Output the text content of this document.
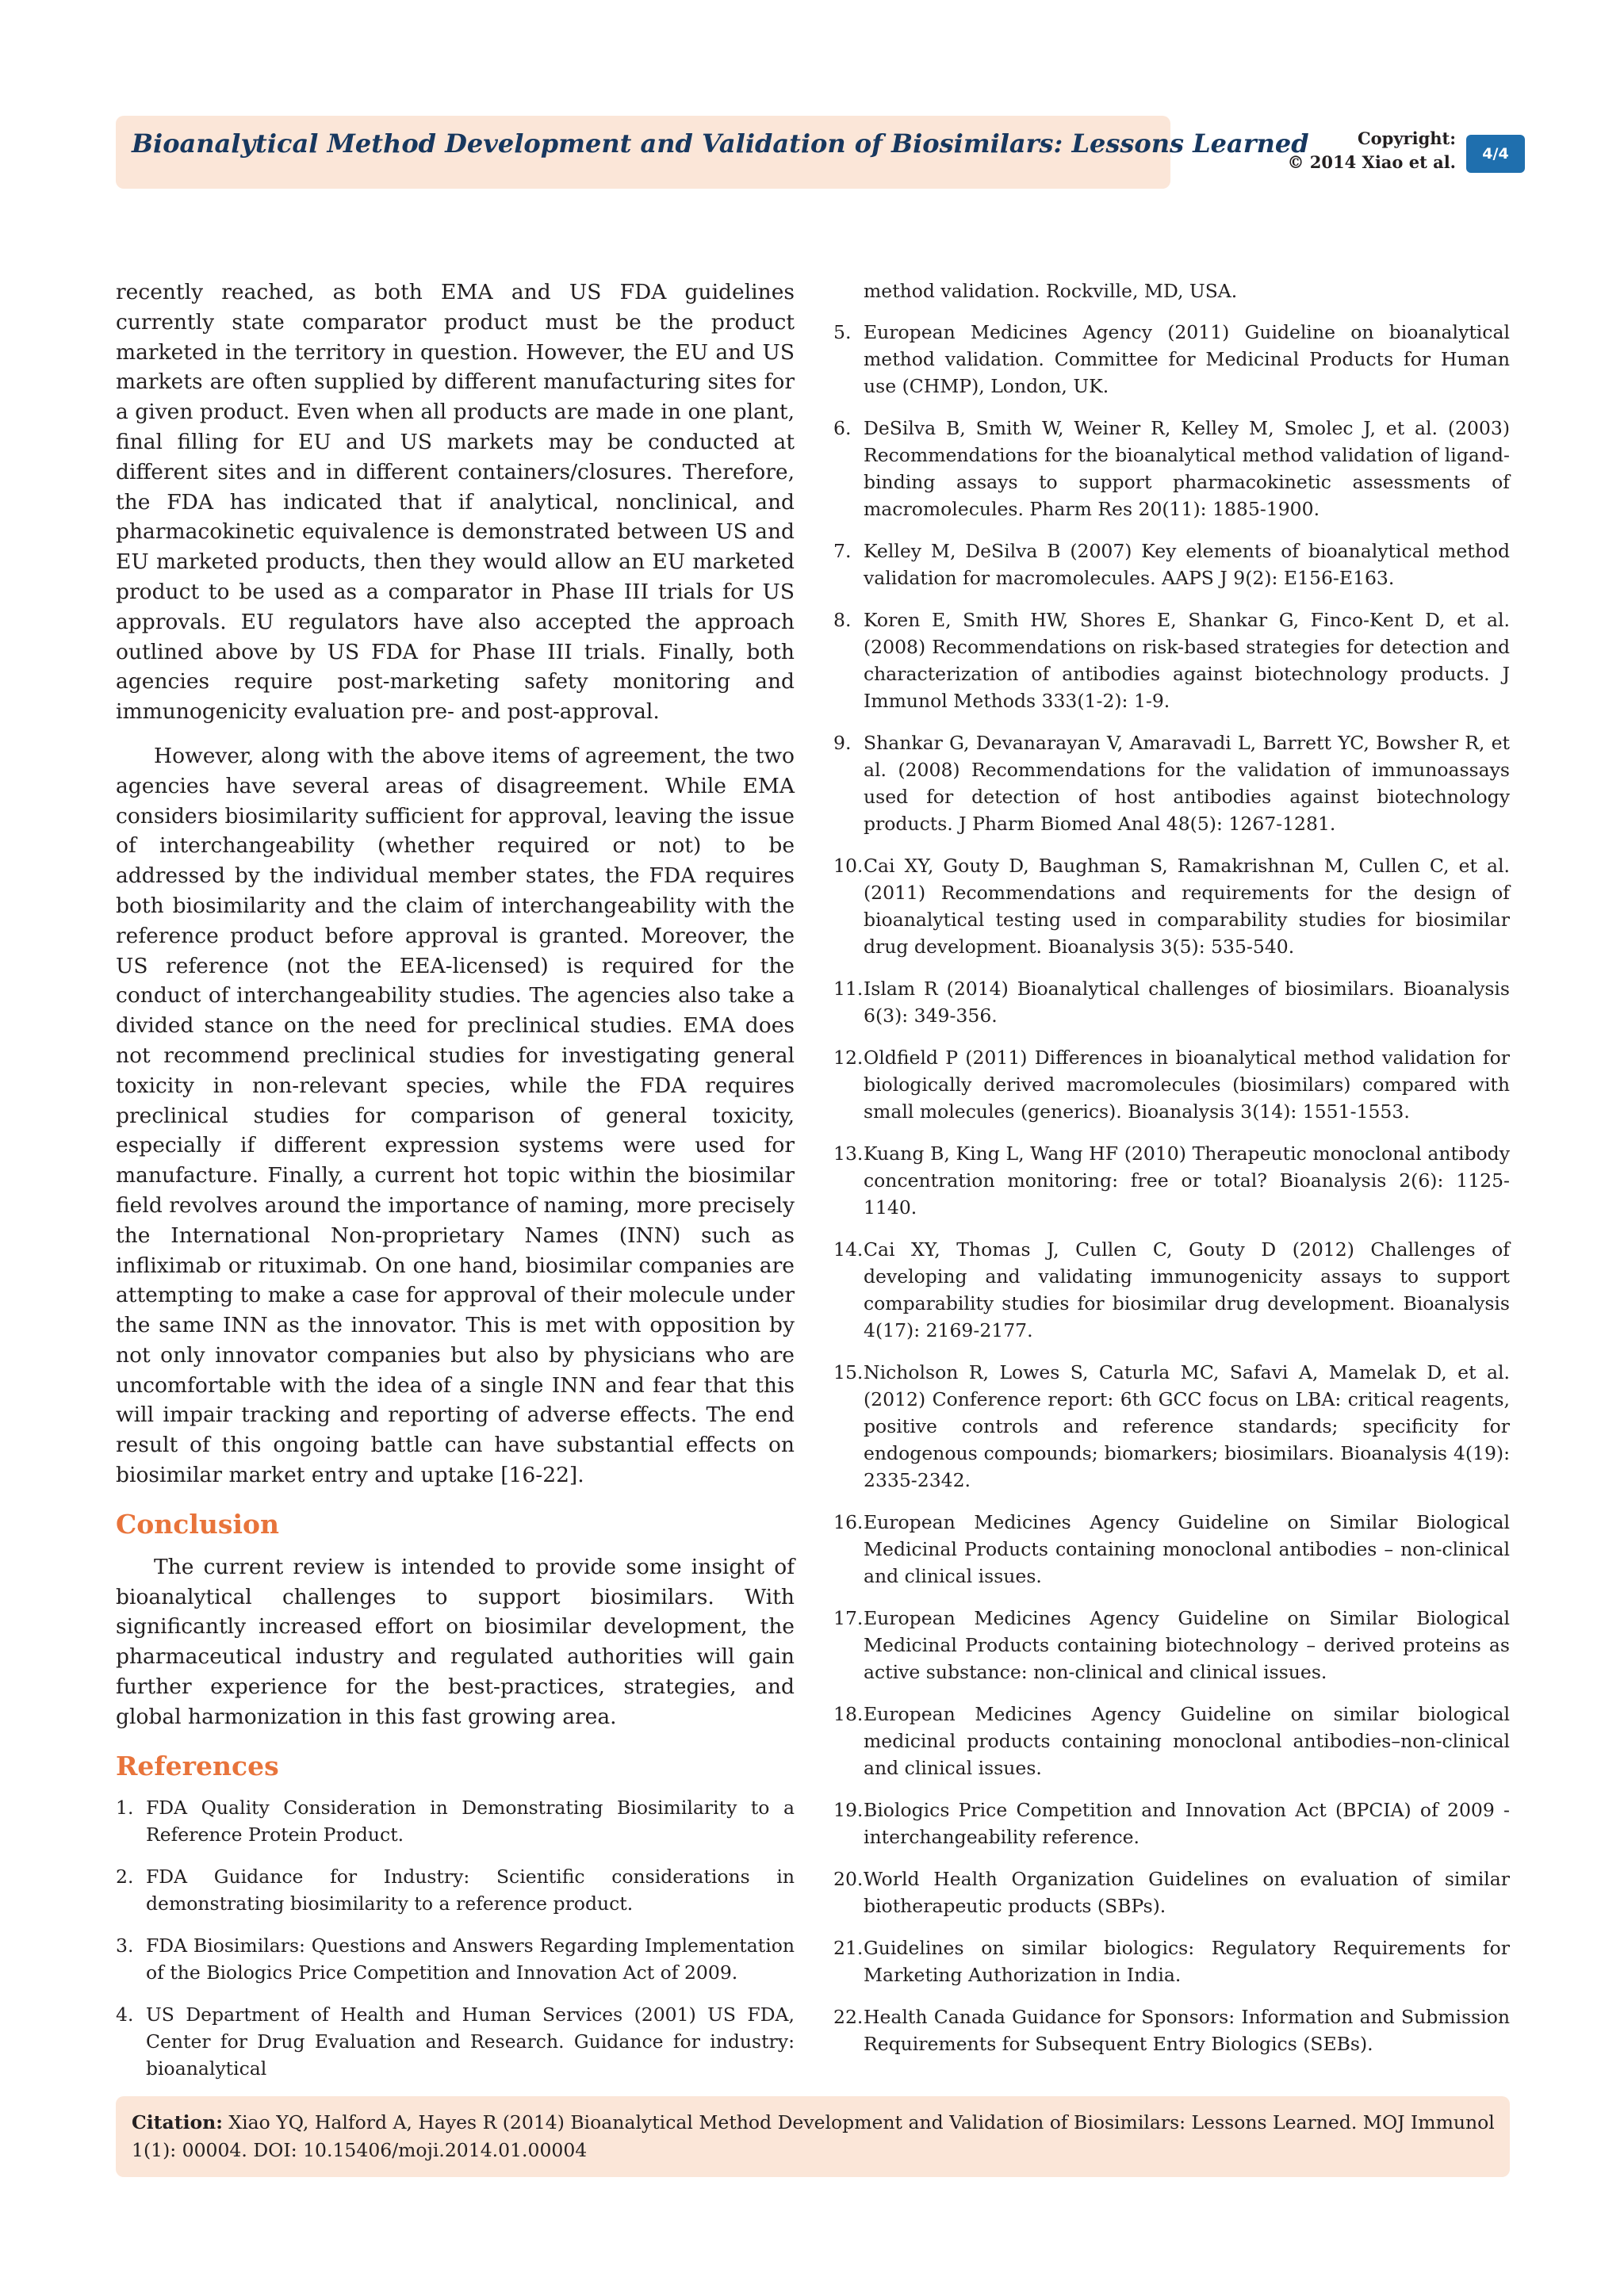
Bioanalytical Method Development and Validation of Biosimilars: Lessons Learned	Copyright:
© 2014 Xiao et al.	4/4

recently reached, as both EMA and US FDA guidelines currently state comparator product must be the product marketed in the territory in question. However, the EU and US markets are often supplied by different manufacturing sites for a given product. Even when all products are made in one plant, final filling for EU and US markets may be conducted at different sites and in different containers/closures. Therefore, the FDA has indicated that if analytical, nonclinical, and pharmacokinetic equivalence is demonstrated between US and EU marketed products, then they would allow an EU marketed product to be used as a comparator in Phase III trials for US approvals. EU regulators have also accepted the approach outlined above by US FDA for Phase III trials. Finally, both agencies require post-marketing safety monitoring and immunogenicity evaluation pre- and post-approval.

However, along with the above items of agreement, the two agencies have several areas of disagreement. While EMA considers biosimilarity sufficient for approval, leaving the issue of interchangeability (whether required or not) to be addressed by the individual member states, the FDA requires both biosimilarity and the claim of interchangeability with the reference product before approval is granted. Moreover, the US reference (not the EEA-licensed) is required for the conduct of interchangeability studies. The agencies also take a divided stance on the need for preclinical studies. EMA does not recommend preclinical studies for investigating general toxicity in non-relevant species, while the FDA requires preclinical studies for comparison of general toxicity, especially if different expression systems were used for manufacture. Finally, a current hot topic within the biosimilar field revolves around the importance of naming, more precisely the International Non-proprietary Names (INN) such as infliximab or rituximab. On one hand, biosimilar companies are attempting to make a case for approval of their molecule under the same INN as the innovator. This is met with opposition by not only innovator companies but also by physicians who are uncomfortable with the idea of a single INN and fear that this will impair tracking and reporting of adverse effects. The end result of this ongoing battle can have substantial effects on biosimilar market entry and uptake [16-22].

Conclusion

The current review is intended to provide some insight of bioanalytical challenges to support biosimilars. With significantly increased effort on biosimilar development, the pharmaceutical industry and regulated authorities will gain further experience for the best-practices, strategies, and global harmonization in this fast growing area.

References
1. FDA Quality Consideration in Demonstrating Biosimilarity to a Reference Protein Product.
2. FDA Guidance for Industry: Scientific considerations in demonstrating biosimilarity to a reference product.
3. FDA Biosimilars: Questions and Answers Regarding Implementation of the Biologics Price Competition and Innovation Act of 2009.
4. US Department of Health and Human Services (2001) US FDA, Center for Drug Evaluation and Research. Guidance for industry: bioanalytical
method validation. Rockville, MD, USA.
5. European Medicines Agency (2011) Guideline on bioanalytical method validation. Committee for Medicinal Products for Human use (CHMP), London, UK.
6. DeSilva B, Smith W, Weiner R, Kelley M, Smolec J, et al. (2003) Recommendations for the bioanalytical method validation of ligand-binding assays to support pharmacokinetic assessments of macromolecules. Pharm Res 20(11): 1885-1900.
7. Kelley M, DeSilva B (2007) Key elements of bioanalytical method validation for macromolecules. AAPS J 9(2): E156-E163.
8. Koren E, Smith HW, Shores E, Shankar G, Finco-Kent D, et al. (2008) Recommendations on risk-based strategies for detection and characterization of antibodies against biotechnology products. J Immunol Methods 333(1-2): 1-9.
9. Shankar G, Devanarayan V, Amaravadi L, Barrett YC, Bowsher R, et al. (2008) Recommendations for the validation of immunoassays used for detection of host antibodies against biotechnology products. J Pharm Biomed Anal 48(5): 1267-1281.
10. Cai XY, Gouty D, Baughman S, Ramakrishnan M, Cullen C, et al. (2011) Recommendations and requirements for the design of bioanalytical testing used in comparability studies for biosimilar drug development. Bioanalysis 3(5): 535-540.
11. Islam R (2014) Bioanalytical challenges of biosimilars. Bioanalysis 6(3): 349-356.
12. Oldfield P (2011) Differences in bioanalytical method validation for biologically derived macromolecules (biosimilars) compared with small molecules (generics). Bioanalysis 3(14): 1551-1553.
13. Kuang B, King L, Wang HF (2010) Therapeutic monoclonal antibody concentration monitoring: free or total? Bioanalysis 2(6): 1125-1140.
14. Cai XY, Thomas J, Cullen C, Gouty D (2012) Challenges of developing and validating immunogenicity assays to support comparability studies for biosimilar drug development. Bioanalysis 4(17): 2169-2177.
15. Nicholson R, Lowes S, Caturla MC, Safavi A, Mamelak D, et al. (2012) Conference report: 6th GCC focus on LBA: critical reagents, positive controls and reference standards; specificity for endogenous compounds; biomarkers; biosimilars. Bioanalysis 4(19): 2335-2342.
16. European Medicines Agency Guideline on Similar Biological Medicinal Products containing monoclonal antibodies – non-clinical and clinical issues.
17. European Medicines Agency Guideline on Similar Biological Medicinal Products containing biotechnology – derived proteins as active substance: non-clinical and clinical issues.
18. European Medicines Agency Guideline on similar biological medicinal products containing monoclonal antibodies–non-clinical and clinical issues.
19. Biologics Price Competition and Innovation Act (BPCIA) of 2009 - interchangeability reference.
20. World Health Organization Guidelines on evaluation of similar biotherapeutic products (SBPs).
21. Guidelines on similar biologics: Regulatory Requirements for Marketing Authorization in India.
22. Health Canada Guidance for Sponsors: Information and Submission Requirements for Subsequent Entry Biologics (SEBs).
Citation: Xiao YQ, Halford A, Hayes R (2014) Bioanalytical Method Development and Validation of Biosimilars: Lessons Learned. MOJ Immunol 1(1): 00004. DOI: 10.15406/moji.2014.01.00004
